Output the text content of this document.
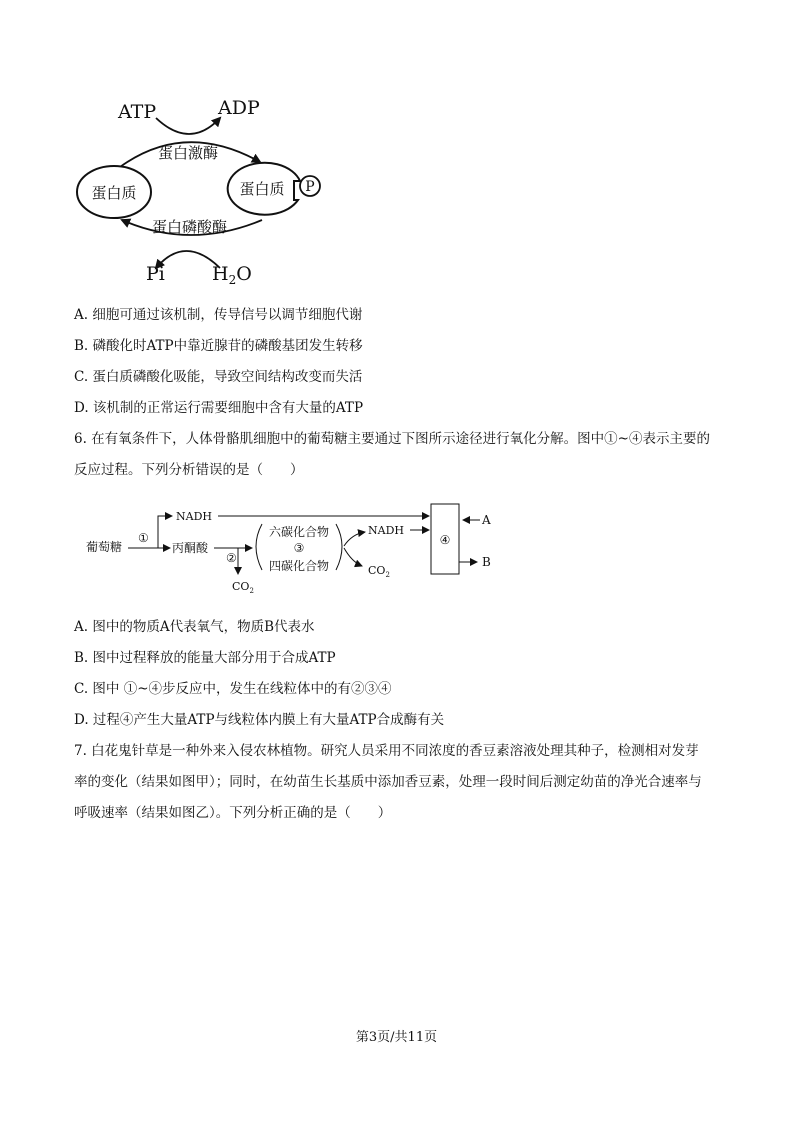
ATP	ADP
蛋白激酶
蛋白质	蛋白质 P
蛋白磷酸酶
Pi $H_2O$
A. 细胞可通过该机制，传导信号以调节细胞代谢
B. 磷酸化时ATP中靠近腺苷的磷酸基团发生转移
C. 蛋白质磷酸化吸能，导致空间结构改变而失活
D. 该机制的正常运行需要细胞中含有大量的ATP
6. 在有氧条件下，人体骨骼肌细胞中的葡萄糖主要通过下图所示途径进行氧化分解。图中①~④表示主要的
反应过程。下列分析错误的是（　　）
葡萄糖
①
NADH
丙酮酸
②
$CO_2$
六碳化合物
③
四碳化合物
NADH
$CO_2$
④
A
B
A. 图中的物质A代表氧气，物质B代表水
B. 图中过程释放的能量大部分用于合成ATP
C. 图中 ①~④步反应中，发生在线粒体中的有②③④
D. 过程④产生大量ATP与线粒体内膜上有大量ATP合成酶有关
7. 白花鬼针草是一种外来入侵农林植物。研究人员采用不同浓度的香豆素溶液处理其种子，检测相对发芽
率的变化（结果如图甲）；同时，在幼苗生长基质中添加香豆素，处理一段时间后测定幼苗的净光合速率与
呼吸速率（结果如图乙）。下列分析正确的是（　　）
第3页/共11页
